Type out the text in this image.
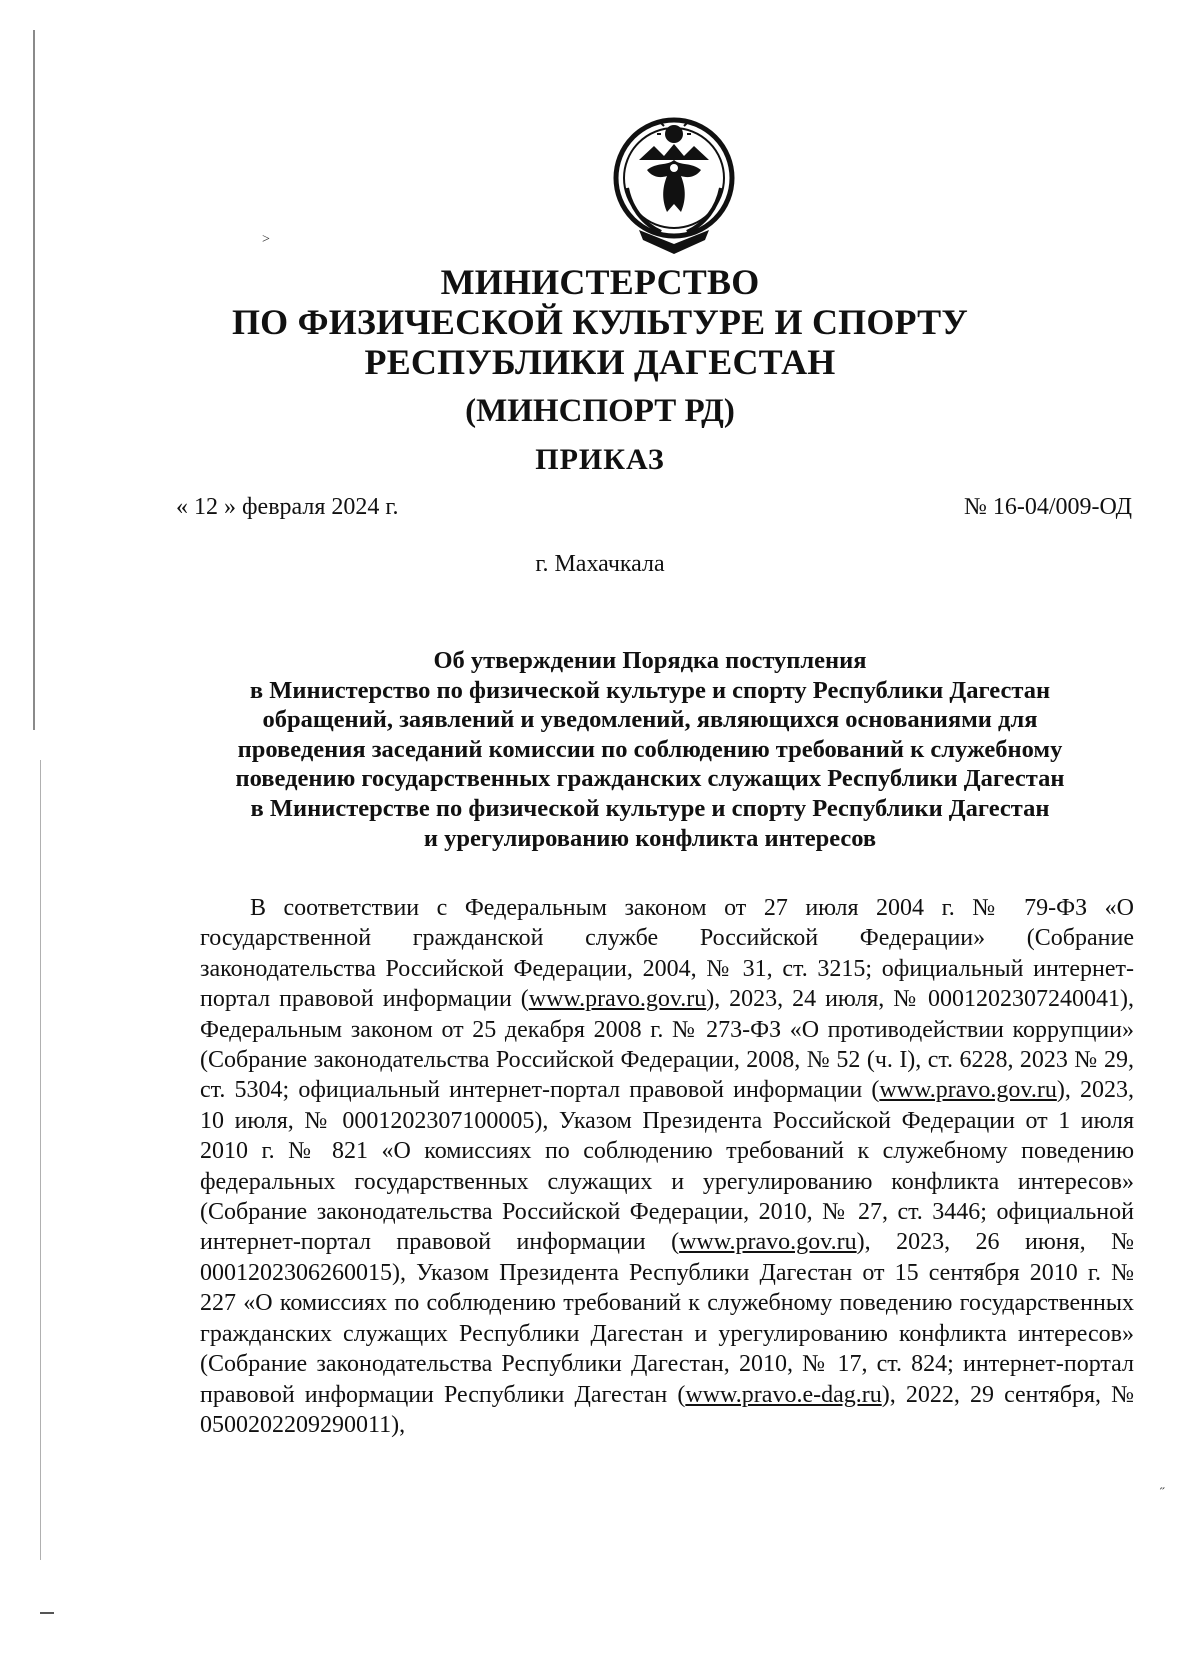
˃
˶
МИНИСТЕРСТВО
ПО ФИЗИЧЕСКОЙ КУЛЬТУРЕ И СПОРТУ
РЕСПУБЛИКИ ДАГЕСТАН
(МИНСПОРТ РД)
ПРИКАЗ
« 12 » февраля 2024 г.	№ 16-04/009-ОД
г. Махачкала
Об утверждении Порядка поступления
в Министерство по физической культуре и спорту Республики Дагестан
обращений, заявлений и уведомлений, являющихся основаниями для
проведения заседаний комиссии по соблюдению требований к служебному
поведению государственных гражданских служащих Республики Дагестан
в Министерстве по физической культуре и спорту Республики Дагестан
и урегулированию конфликта интересов

В соответствии с Федеральным законом от 27 июля 2004 г. № 79-ФЗ «О государственной гражданской службе Российской Федерации» (Собрание законодательства Российской Федерации, 2004, № 31, ст. 3215; официальный интернет-портал правовой информации (www.pravo.gov.ru), 2023, 24 июля, № 0001202307240041), Федеральным законом от 25 декабря 2008 г. № 273-ФЗ «О противодействии коррупции» (Собрание законодательства Российской Федерации, 2008, № 52 (ч. I), ст. 6228, 2023 № 29, ст. 5304; официальный интернет-портал правовой информации (www.pravo.gov.ru), 2023, 10 июля, № 0001202307100005), Указом Президента Российской Федерации от 1 июля 2010 г. № 821 «О комиссиях по соблюдению требований к служебному поведению федеральных государственных служащих и урегулированию конфликта интересов» (Собрание законодательства Российской Федерации, 2010, № 27, ст. 3446; официальной интернет-портал правовой информации (www.pravo.gov.ru), 2023, 26 июня, № 0001202306260015), Указом Президента Республики Дагестан от 15 сентября 2010 г. № 227 «О комиссиях по соблюдению требований к служебному поведению государственных гражданских служащих Республики Дагестан и урегулированию конфликта интересов» (Собрание законодательства Республики Дагестан, 2010, № 17, ст. 824; интернет-портал правовой информации Республики Дагестан (www.pravo.e-dag.ru), 2022, 29 сентября, № 0500202209290011),
